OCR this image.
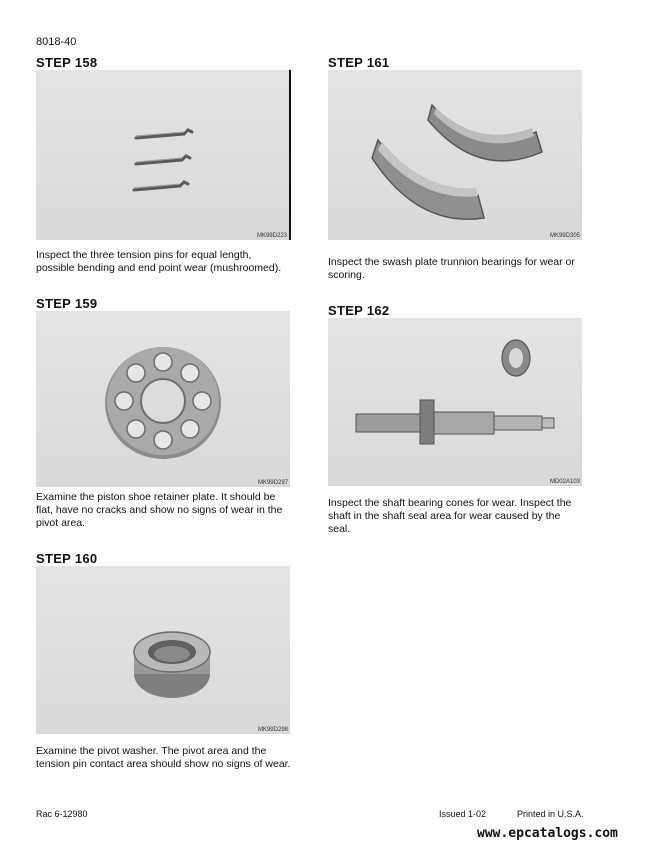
8018-40
STEP 158
MK99D223
Inspect the three tension pins for equal length, possible bending and end point wear (mushroomed).
STEP 159
MK99D297
Examine the piston shoe retainer plate. It should be flat, have no cracks and show no signs of wear in the pivot area.
STEP 160
MK99D298
Examine the pivot washer. The pivot area and the tension pin contact area should show no signs of wear.
STEP 161
MK99D305
Inspect the swash plate trunnion bearings for wear or scoring.
STEP 162
MD02A103
Inspect the shaft bearing cones for wear. Inspect the shaft in the shaft seal area for wear caused by the seal.
Rac 6-12980	Issued 1-02	Printed in U.S.A.
www.epcatalogs.com
